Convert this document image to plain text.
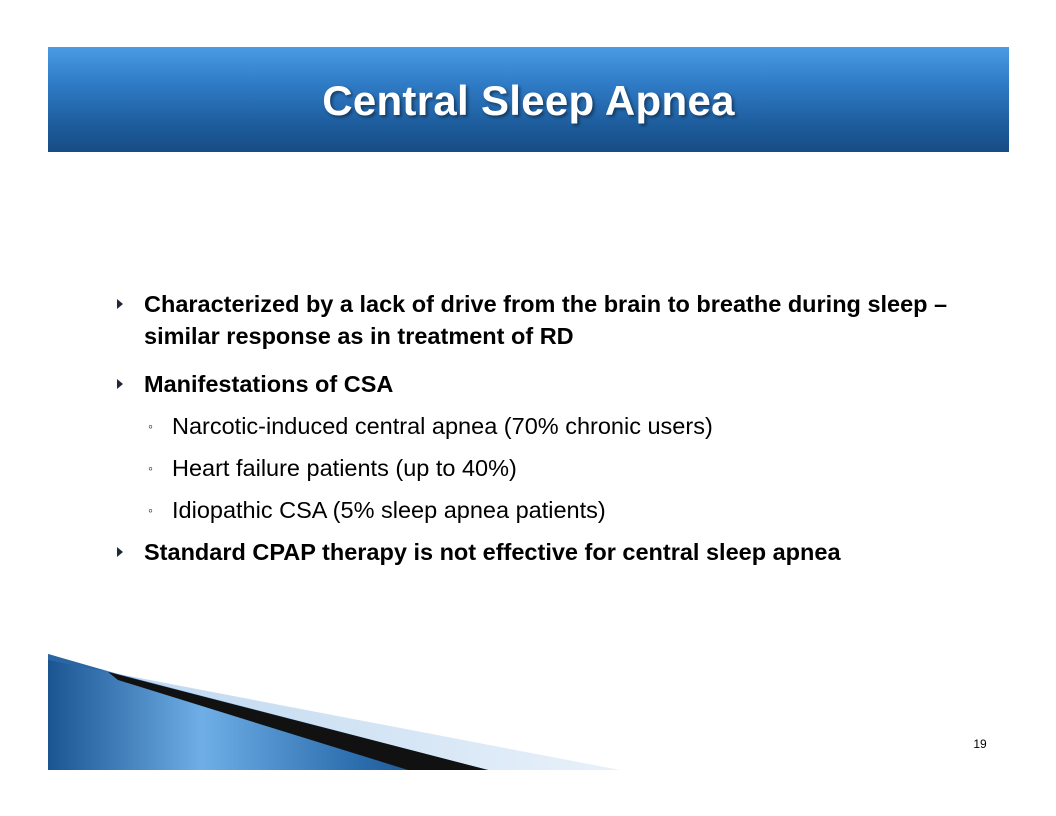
Central Sleep Apnea
Characterized by a lack of drive from the brain to breathe during sleep – similar response as in treatment of RD
Manifestations of CSA
◦ Narcotic-induced central apnea (70% chronic users)
◦ Heart failure patients (up to 40%)
◦ Idiopathic CSA (5% sleep apnea patients)
Standard CPAP therapy is not effective for central sleep apnea
19
